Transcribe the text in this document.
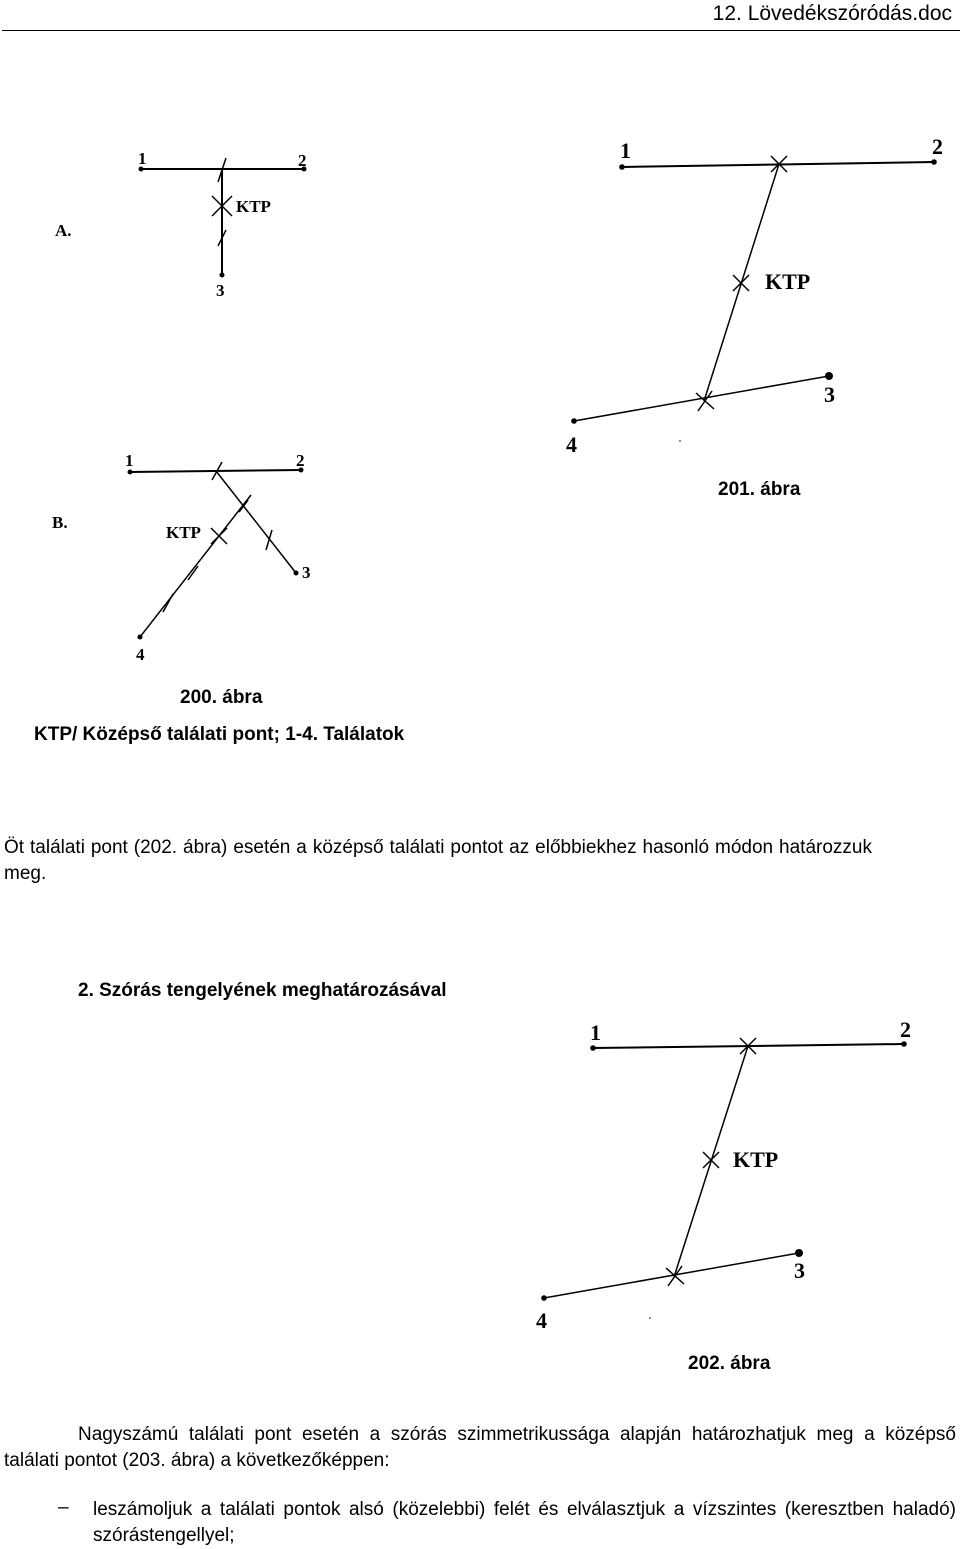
12. Lövedékszóródás.doc
A.
1	2
3
KTP
1	2
3
4
KTP
201. ábra
B.
1	2
3
4
KTP
200. ábra
KTP/ Középső találati pont; 1-4. Találatok
Öt találati pont (202. ábra) esetén a középső találati pontot az előbbiekhez hasonló módon határozzuk meg.
2. Szórás tengelyének meghatározásával
1	2
3
4
KTP
202. ábra
Nagyszámú találati pont esetén a szórás szimmetrikussága alapján határozhatjuk meg a középső találati pontot (203. ábra) a következőképpen:
– leszámoljuk a találati pontok alsó (közelebbi) felét és elválasztjuk a vízszintes (keresztben haladó) szórástengellyel;
